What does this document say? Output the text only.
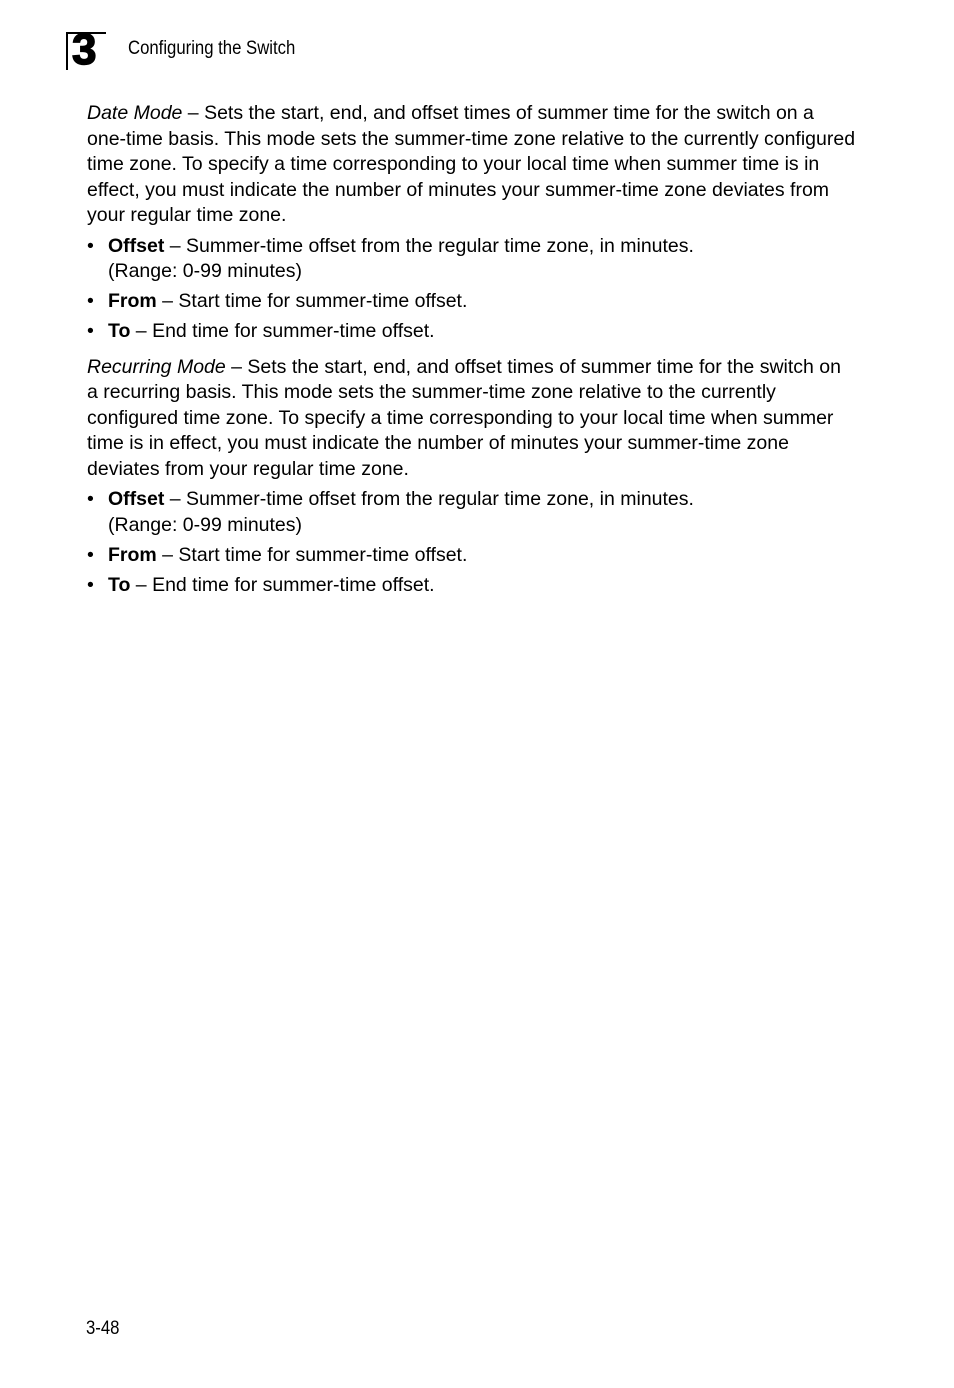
3 Configuring the Switch

Date Mode – Sets the start, end, and offset times of summer time for the switch on a one-time basis. This mode sets the summer-time zone relative to the currently configured time zone. To specify a time corresponding to your local time when summer time is in effect, you must indicate the number of minutes your summer-time zone deviates from your regular time zone.

• Offset – Summer-time offset from the regular time zone, in minutes.
(Range: 0-99 minutes)
• From – Start time for summer-time offset.
• To – End time for summer-time offset.

Recurring Mode – Sets the start, end, and offset times of summer time for the switch on a recurring basis. This mode sets the summer-time zone relative to the currently configured time zone. To specify a time corresponding to your local time when summer time is in effect, you must indicate the number of minutes your summer-time zone deviates from your regular time zone.

• Offset – Summer-time offset from the regular time zone, in minutes.
(Range: 0-99 minutes)
• From – Start time for summer-time offset.
• To – End time for summer-time offset.
3-48
